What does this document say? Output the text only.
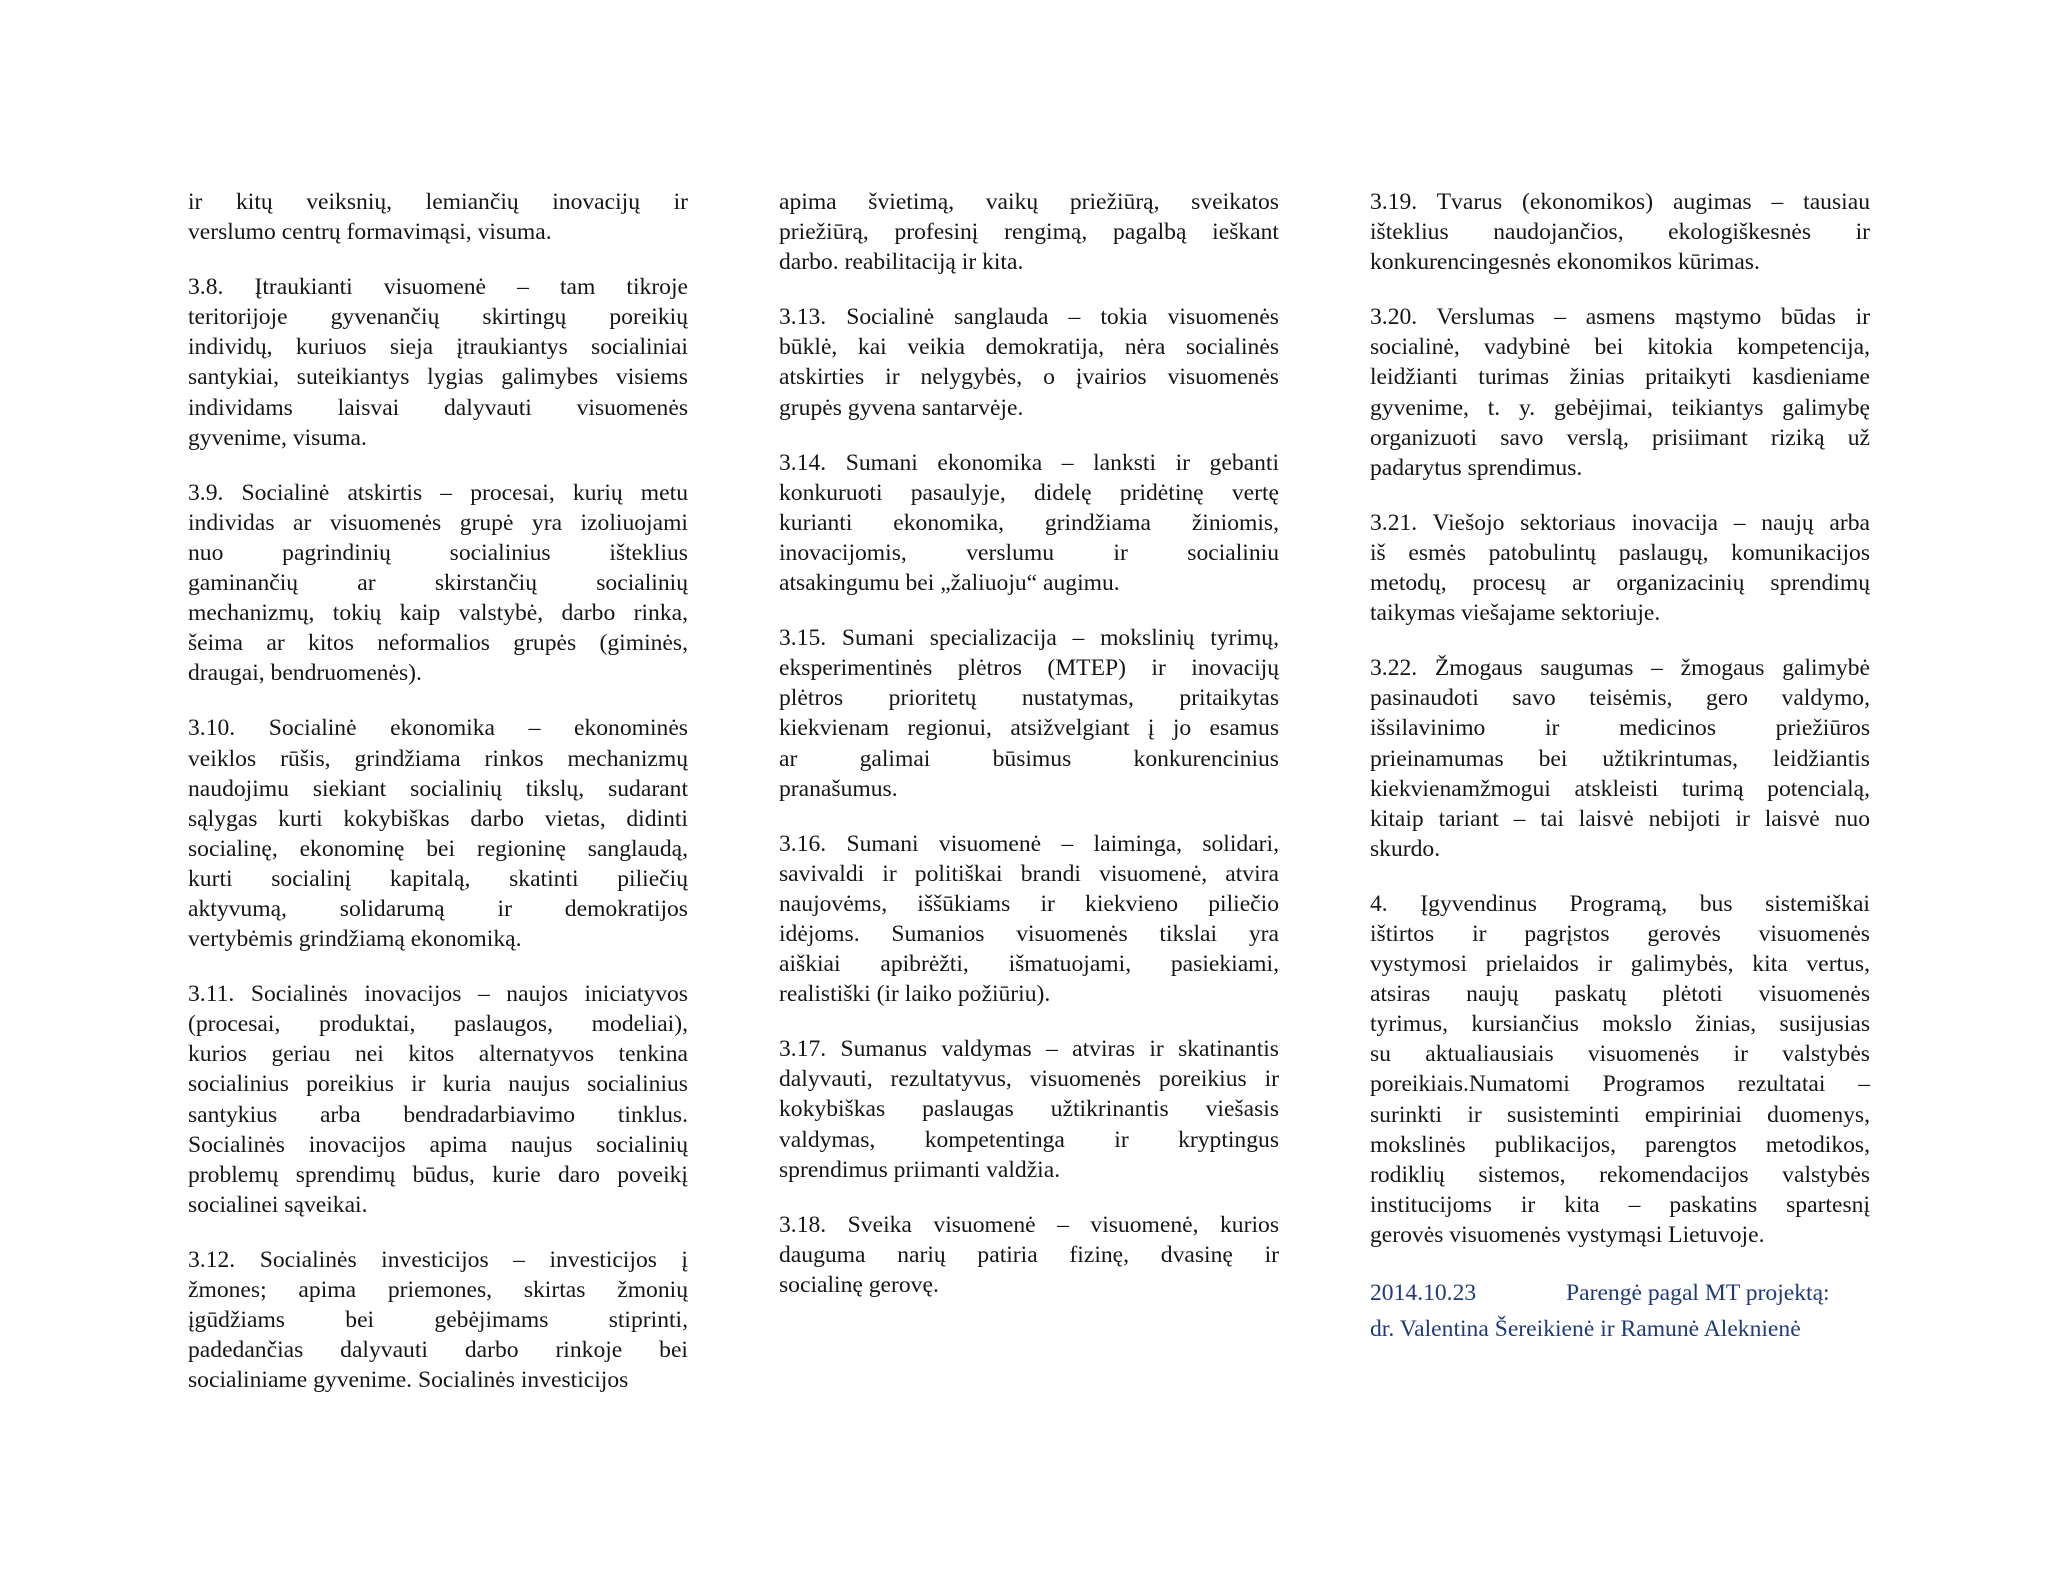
ir kitų veiksnių, lemiančių inovacijų ir
verslumo centrų formavimąsi, visuma.
3.8. Įtraukianti visuomenė – tam tikroje
teritorijoje gyvenančių skirtingų poreikių
individų, kuriuos sieja įtraukiantys socialiniai
santykiai, suteikiantys lygias galimybes visiems
individams laisvai dalyvauti visuomenės
gyvenime, visuma.
3.9. Socialinė atskirtis – procesai, kurių metu
individas ar visuomenės grupė yra izoliuojami
nuo pagrindinių socialinius išteklius
gaminančių ar skirstančių socialinių
mechanizmų, tokių kaip valstybė, darbo rinka,
šeima ar kitos neformalios grupės (giminės,
draugai, bendruomenės).
3.10. Socialinė ekonomika – ekonominės
veiklos rūšis, grindžiama rinkos mechanizmų
naudojimu siekiant socialinių tikslų, sudarant
sąlygas kurti kokybiškas darbo vietas, didinti
socialinę, ekonominę bei regioninę sanglaudą,
kurti socialinį kapitalą, skatinti piliečių
aktyvumą, solidarumą ir demokratijos
vertybėmis grindžiamą ekonomiką.
3.11. Socialinės inovacijos – naujos iniciatyvos
(procesai, produktai, paslaugos, modeliai),
kurios geriau nei kitos alternatyvos tenkina
socialinius poreikius ir kuria naujus socialinius
santykius arba bendradarbiavimo tinklus.
Socialinės inovacijos apima naujus socialinių
problemų sprendimų būdus, kurie daro poveikį
socialinei sąveikai.
3.12. Socialinės investicijos – investicijos į
žmones; apima priemones, skirtas žmonių
įgūdžiams bei gebėjimams stiprinti,
padedančias dalyvauti darbo rinkoje bei
socialiniame gyvenime. Socialinės investicijos
apima švietimą, vaikų priežiūrą, sveikatos
priežiūrą, profesinį rengimą, pagalbą ieškant
darbo. reabilitaciją ir kita.
3.13. Socialinė sanglauda – tokia visuomenės
būklė, kai veikia demokratija, nėra socialinės
atskirties ir nelygybės, o įvairios visuomenės
grupės gyvena santarvėje.
3.14. Sumani ekonomika – lanksti ir gebanti
konkuruoti pasaulyje, didelę pridėtinę vertę
kurianti ekonomika, grindžiama žiniomis,
inovacijomis, verslumu ir socialiniu
atsakingumu bei „žaliuoju“ augimu.
3.15. Sumani specializacija – mokslinių tyrimų,
eksperimentinės plėtros (MTEP) ir inovacijų
plėtros prioritetų nustatymas, pritaikytas
kiekvienam regionui, atsižvelgiant į jo esamus
ar galimai būsimus konkurencinius
pranašumus.
3.16. Sumani visuomenė – laiminga, solidari,
savivaldi ir politiškai brandi visuomenė, atvira
naujovėms, iššūkiams ir kiekvieno piliečio
idėjoms. Sumanios visuomenės tikslai yra
aiškiai apibrėžti, išmatuojami, pasiekiami,
realistiški (ir laiko požiūriu).
3.17. Sumanus valdymas – atviras ir skatinantis
dalyvauti, rezultatyvus, visuomenės poreikius ir
kokybiškas paslaugas užtikrinantis viešasis
valdymas, kompetentinga ir kryptingus
sprendimus priimanti valdžia.
3.18. Sveika visuomenė – visuomenė, kurios
dauguma narių patiria fizinę, dvasinę ir
socialinę gerovę.
3.19. Tvarus (ekonomikos) augimas – tausiau
išteklius naudojančios, ekologiškesnės ir
konkurencingesnės ekonomikos kūrimas.
3.20. Verslumas – asmens mąstymo būdas ir
socialinė, vadybinė bei kitokia kompetencija,
leidžianti turimas žinias pritaikyti kasdieniame
gyvenime, t. y. gebėjimai, teikiantys galimybę
organizuoti savo verslą, prisiimant riziką už
padarytus sprendimus.
3.21. Viešojo sektoriaus inovacija – naujų arba
iš esmės patobulintų paslaugų, komunikacijos
metodų, procesų ar organizacinių sprendimų
taikymas viešajame sektoriuje.
3.22. Žmogaus saugumas – žmogaus galimybė
pasinaudoti savo teisėmis, gero valdymo,
išsilavinimo ir medicinos priežiūros
prieinamumas bei užtikrintumas, leidžiantis
kiekvienamžmogui atskleisti turimą potencialą,
kitaip tariant – tai laisvė nebijoti ir laisvė nuo
skurdo.
4. Įgyvendinus Programą, bus sistemiškai
ištirtos ir pagrįstos gerovės visuomenės
vystymosi prielaidos ir galimybės, kita vertus,
atsiras naujų paskatų plėtoti visuomenės
tyrimus, kursiančius mokslo žinias, susijusias
su aktualiausiais visuomenės ir valstybės
poreikiais.Numatomi Programos rezultatai –
surinkti ir susisteminti empiriniai duomenys,
mokslinės publikacijos, parengtos metodikos,
rodiklių sistemos, rekomendacijos valstybės
institucijoms ir kita – paskatins spartesnį
gerovės visuomenės vystymąsi Lietuvoje.
2014.10.23	Parengė pagal MT projektą:
dr. Valentina Šereikienė ir Ramunė Aleknienė
